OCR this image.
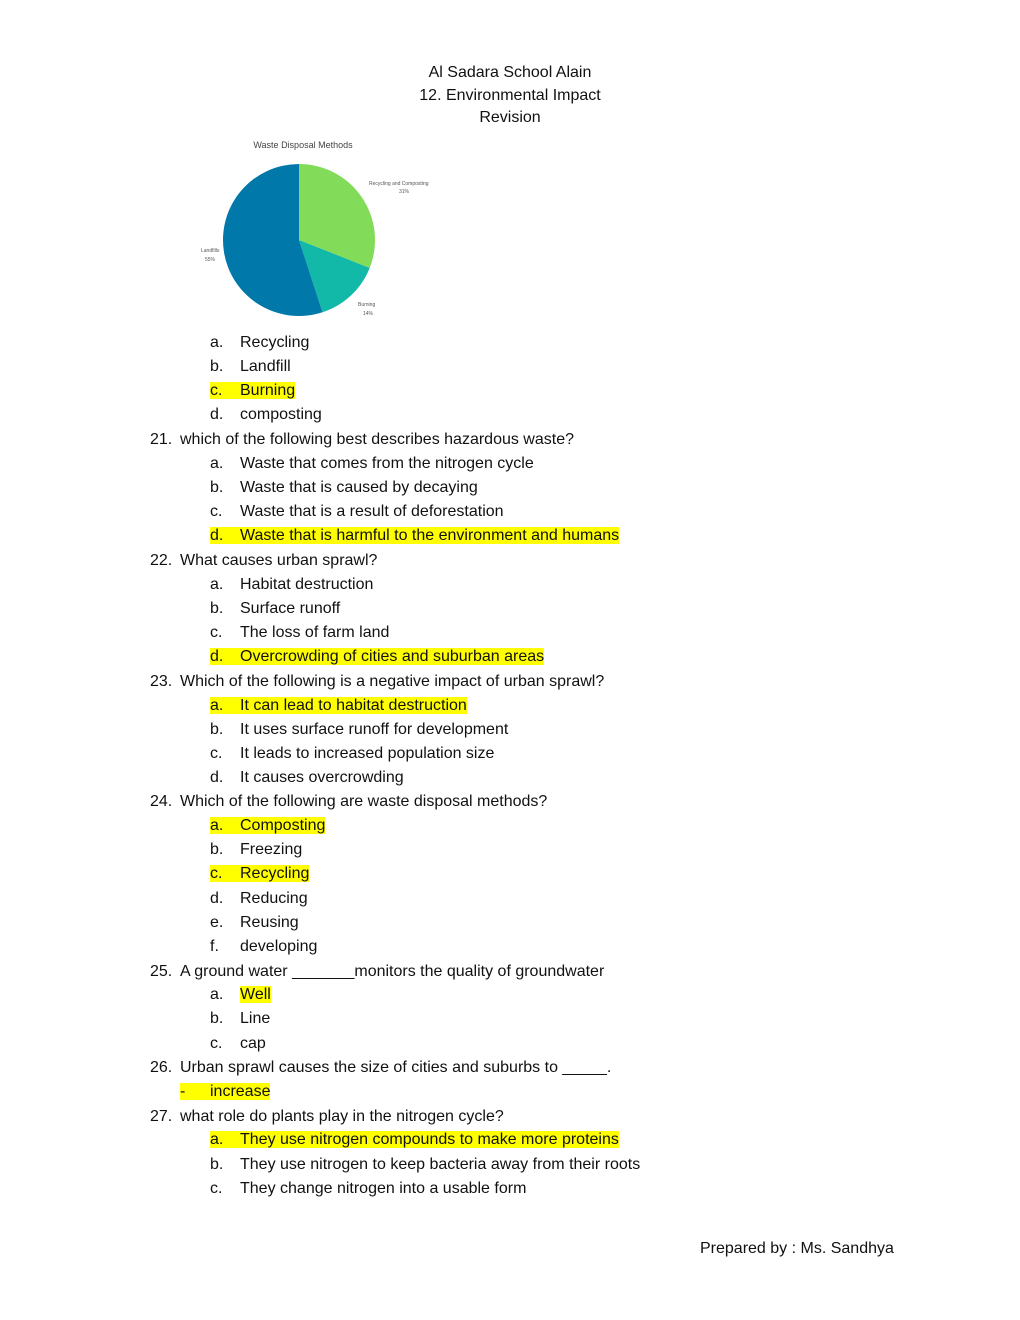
Al Sadara School Alain
12. Environmental Impact
Revision
Waste Disposal Methods
Recycling and Composting
31%
Landfills
55%
Burning
14%
a. Recycling
b. Landfill
c. Burning
d. composting
21. which of the following best describes hazardous waste?
a. Waste that comes from the nitrogen cycle
b. Waste that is caused by decaying
c. Waste that is a result of deforestation
d. Waste that is harmful to the environment and humans
22. What causes urban sprawl?
a. Habitat destruction
b. Surface runoff
c. The loss of farm land
d. Overcrowding of cities and suburban areas
23. Which of the following is a negative impact of urban sprawl?
a. It can lead to habitat destruction
b. It uses surface runoff for development
c. It leads to increased population size
d. It causes overcrowding
24. Which of the following are waste disposal methods?
a. Composting
b. Freezing
c. Recycling
d. Reducing
e. Reusing
f. developing
25. A ground water _______monitors the quality of groundwater
a. Well
b. Line
c. cap
26. Urban sprawl causes the size of cities and suburbs to _____.
- increase
27. what role do plants play in the nitrogen cycle?
a. They use nitrogen compounds to make more proteins
b. They use nitrogen to keep bacteria away from their roots
c. They change nitrogen into a usable form
Prepared by : Ms. Sandhya
